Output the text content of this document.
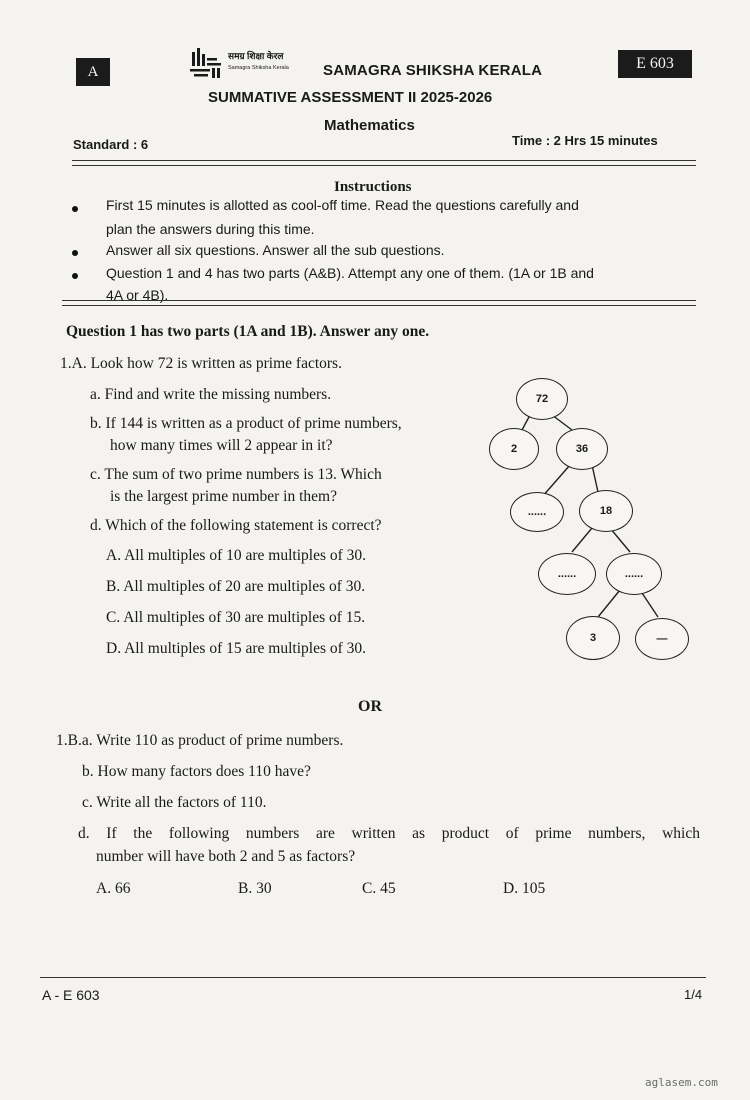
A	E 603
समग्र शिक्षा केरल
Samagra Shiksha Kerala SAMAGRA SHIKSHA KERALA
SUMMATIVE ASSESSMENT II 2025-2026
Mathematics
Standard : 6	Time : 2 Hrs 15 minutes
Instructions
First 15 minutes is allotted as cool-off time. Read the questions carefully and
plan the answers during this time.
Answer all six questions. Answer all the sub questions.
Question 1 and 4 has two parts (A&B). Attempt any one of them. (1A or 1B and
4A or 4B).
Question 1 has two parts (1A and 1B). Answer any one.
1.A. Look how 72 is written as prime factors.
a. Find and write the missing numbers.
b. If 144 is written as a product of prime numbers,
how many times will 2 appear in it?
c. The sum of two prime numbers is 13. Which
is the largest prime number in them?
d. Which of the following statement is correct?
A. All multiples of 10 are multiples of 30.
B. All multiples of 20 are multiples of 30.
C. All multiples of 30 are multiples of 15.
D. All multiples of 15 are multiples of 30.
72
2	36
......	18
......	......
3	—
OR
1.B.a. Write 110 as product of prime numbers.
b. How many factors does 110 have?
c. Write all the factors of 110.
d. If the following numbers are written as product of prime numbers, which
number will have both 2 and 5 as factors?
A. 66	B. 30	C. 45	D. 105
A - E 603	1/4
aglasem.com
